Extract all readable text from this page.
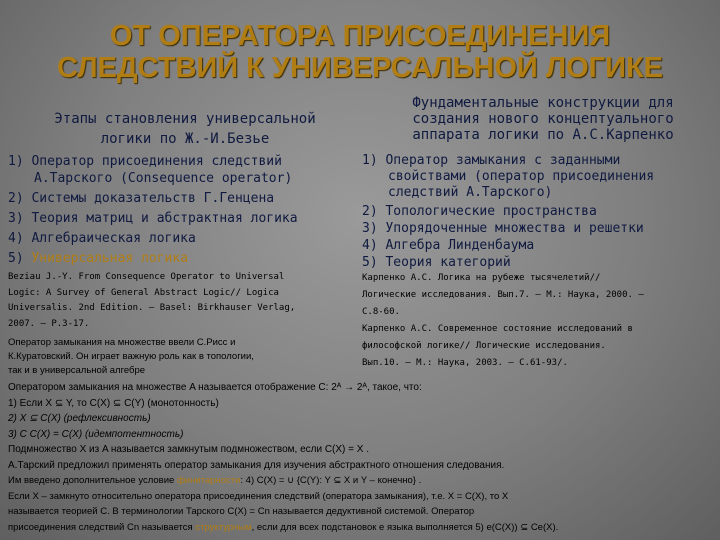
ОТ ОПЕРАТОРА ПРИСОЕДИНЕНИЯ
СЛЕДСТВИЙ К УНИВЕРСАЛЬНОЙ ЛОГИКЕ
Этапы становления универсальной
логики по Ж.-И.Безье
Фундаментальные конструкции для
создания нового концептуального
аппарата логики по А.С.Карпенко
1) Оператор присоединения следствий
А.Тарского (Consequence operator)
2) Системы доказательств Г.Генцена
3) Теория матриц и абстрактная логика
4) Алгебраическая логика
5) Универсальная логика
1) Оператор замыкания с заданными
свойствами (оператор присоединения
следствий А.Тарского)
2) Топологические пространства
3) Упорядоченные множества и решетки
4) Алгебра Линденбаума
5) Теория категорий
Beziau J.-Y. From Consequence Operator to Universal
Logic: A Survey of General Abstract Logic// Logica
Universalis. 2nd Edition. – Basel: Birkhauser Verlag,
2007. – P.3-17.
Оператор замыкания на множестве ввели С.Рисс и
К.Куратовский. Он играет важную роль как в топологии,
так и в универсальной алгебре
Карпенко А.С. Логика на рубеже тысячелетий//
Логические исследования. Вып.7. – М.: Наука, 2000. –
С.8-60.
Карпенко А.С. Современное состояние исследований в
философской логике// Логические исследования.
Вып.10. – М.: Наука, 2003. – С.61-93/.
Оператором замыкания на множестве A называется отображение C: 2ᴬ → 2ᴬ, такое, что:
1) Если X ⊆ Y, то C(X) ⊆ C(Y) (монотонность)
2) X ⊆ C(X) (рефлексивность)
3) C C(X) = C(X) (идемпотентность)
Подмножество X из A называется замкнутым подмножеством, если C(X) = X .
А.Тарский предложил применять оператор замыкания для изучения абстрактного отношения следования.
Им введено дополнительное условие финитарности: 4) C(X) = ∪ {C(Y): Y ⊆ X и Y – конечно} .
Если X – замкнуто относительно оператора присоединения следствий (оператора замыкания), т.е. X = C(X), то X
называется теорией C. В терминологии Тарского C(X) = Cn называется дедуктивной системой. Оператор
присоединения следствий Cn называется структурным, если для всех подстановок e языка выполняется 5) e(C(X)) ⊆ Ce(X).
